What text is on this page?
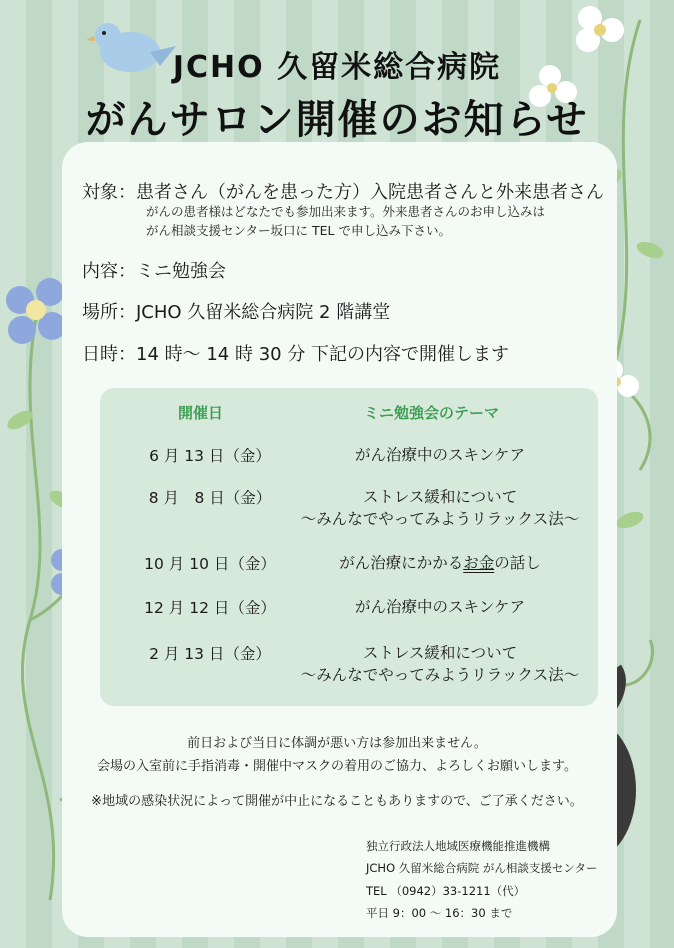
JCHO 久留米総合病院
がんサロン開催のお知らせ
対象：患者さん（がんを患った方）入院患者さんと外来患者さん
がんの患者様はどなたでも参加出来ます。外来患者さんのお申し込みは
がん相談支援センター坂口に TEL で申し込み下さい。
内容：ミニ勉強会
場所：JCHO 久留米総合病院 2 階講堂
日時：14 時～ 14 時 30 分 下記の内容で開催します
開催日	ミニ勉強会のテーマ
6 月 13 日（金）	がん治療中のスキンケア
8 月　8 日（金）	ストレス緩和について
～みんなでやってみようリラックス法～
10 月 10 日（金）	がん治療にかかるお金の話し
12 月 12 日（金）	がん治療中のスキンケア
2 月 13 日（金）	ストレス緩和について
～みんなでやってみようリラックス法～
前日および当日に体調が悪い方は参加出来ません。
会場の入室前に手指消毒・開催中マスクの着用のご協力、よろしくお願いします。
※地域の感染状況によって開催が中止になることもありますので、ご了承ください。
独立行政法人地域医療機能推進機構
JCHO 久留米総合病院 がん相談支援センター
TEL （0942）33-1211（代）
平日 9：00 ～ 16：30 まで
